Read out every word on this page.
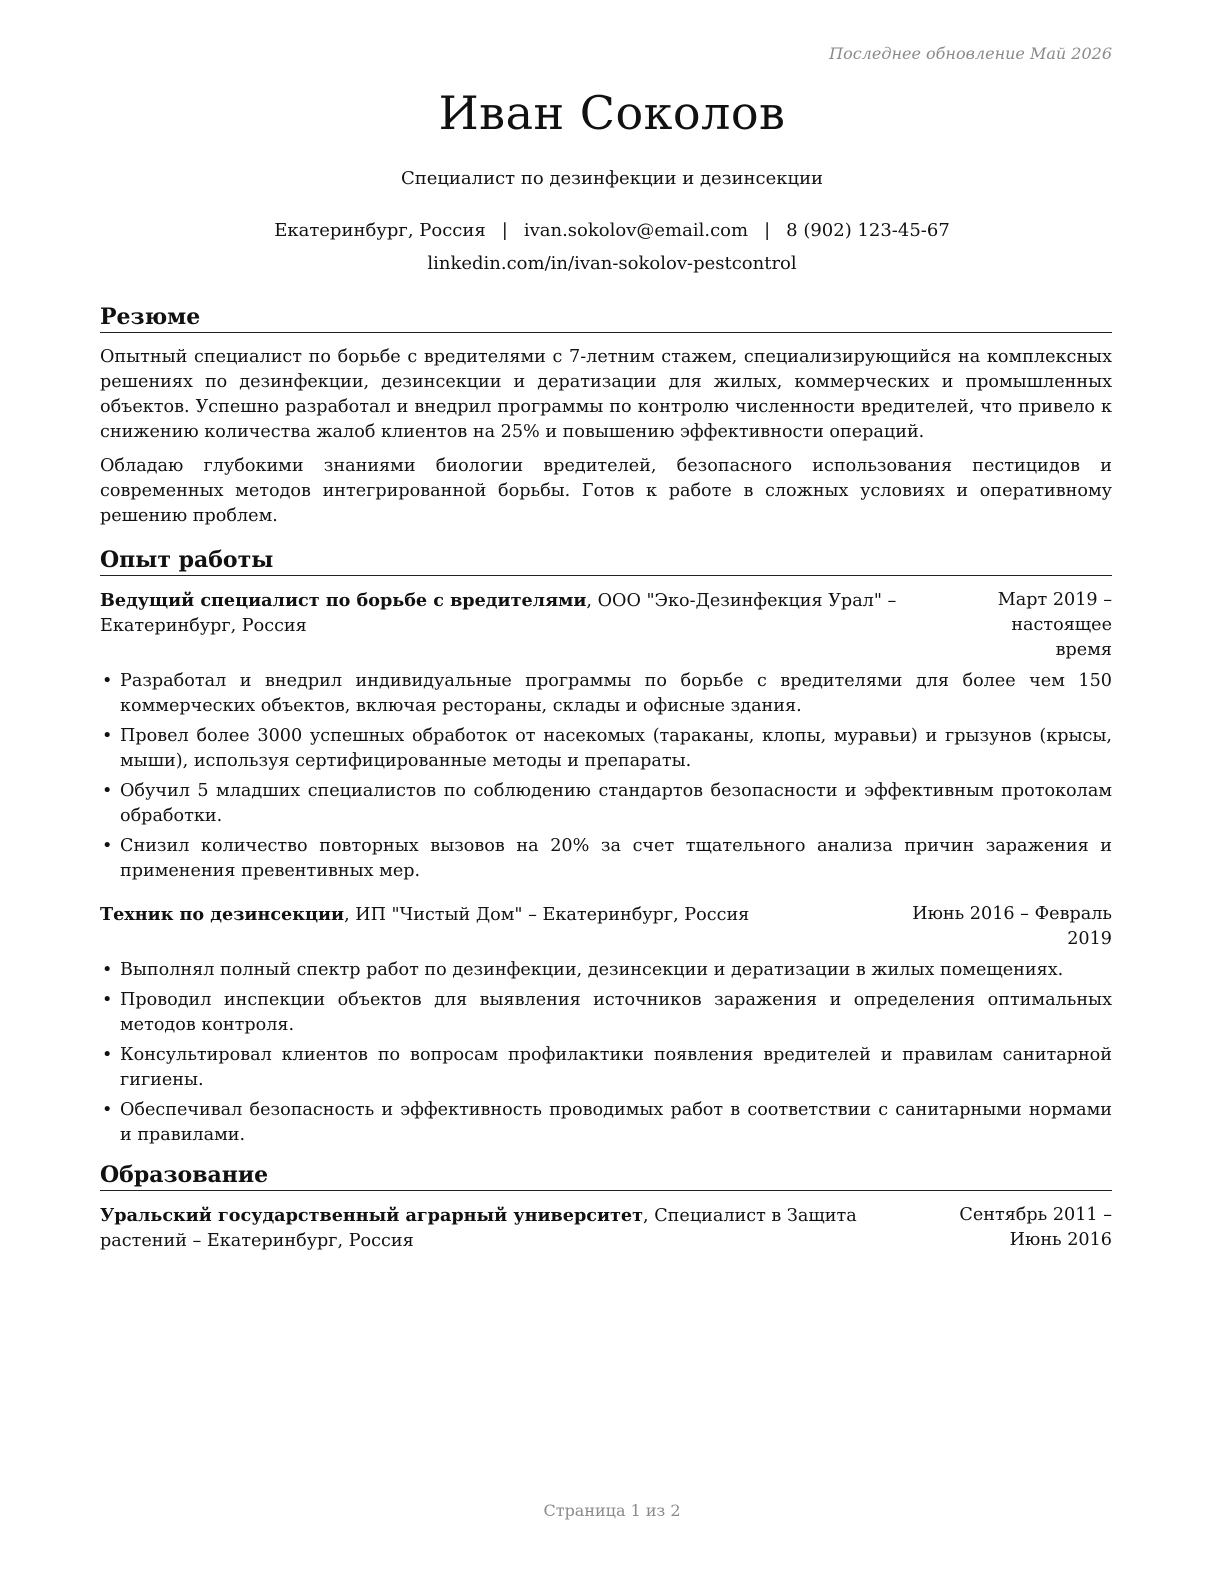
Последнее обновление Май 2026
Иван Соколов
Специалист по дезинфекции и дезинсекции
Екатеринбург, Россия | ivan.sokolov@email.com | 8 (902) 123-45-67
linkedin.com/in/ivan-sokolov-pestcontrol
Резюме

Опытный специалист по борьбе с вредителями с 7-летним стажем, специализирующийся на комплексных решениях по дезинфекции, дезинсекции и дератизации для жилых, коммерческих и промышленных объектов. Успешно разработал и внедрил программы по контролю численности вредителей, что привело к снижению количества жалоб клиентов на 25% и повышению эффективности операций.

Обладаю глубокими знаниями биологии вредителей, безопасного использования пестицидов и современных методов интегрированной борьбы. Готов к работе в сложных условиях и оперативному решению проблем.

Опыт работы
Ведущий специалист по борьбе с вредителями, ООО "Эко-Дезинфекция Урал" –
Екатеринбург, Россия
Март 2019 – настоящее время
• Разработал и внедрил индивидуальные программы по борьбе с вредителями для более чем 150 коммерческих объектов, включая рестораны, склады и офисные здания.
• Провел более 3000 успешных обработок от насекомых (тараканы, клопы, муравьи) и грызунов (крысы, мыши), используя сертифицированные методы и препараты.
• Обучил 5 младших специалистов по соблюдению стандартов безопасности и эффективным протоколам обработки.
• Снизил количество повторных вызовов на 20% за счет тщательного анализа причин заражения и применения превентивных мер.
Техник по дезинсекции, ИП "Чистый Дом" – Екатеринбург, Россия	Июнь 2016 – Февраль 2019
• Выполнял полный спектр работ по дезинфекции, дезинсекции и дератизации в жилых помещениях.
• Проводил инспекции объектов для выявления источников заражения и определения оптимальных методов контроля.
• Консультировал клиентов по вопросам профилактики появления вредителей и правилам санитарной гигиены.
• Обеспечивал безопасность и эффективность проводимых работ в соответствии с санитарными нормами и правилами.
Образование
Уральский государственный аграрный университет, Специалист в Защита растений – Екатеринбург, Россия
Сентябрь 2011 – Июнь 2016
Страница 1 из 2
